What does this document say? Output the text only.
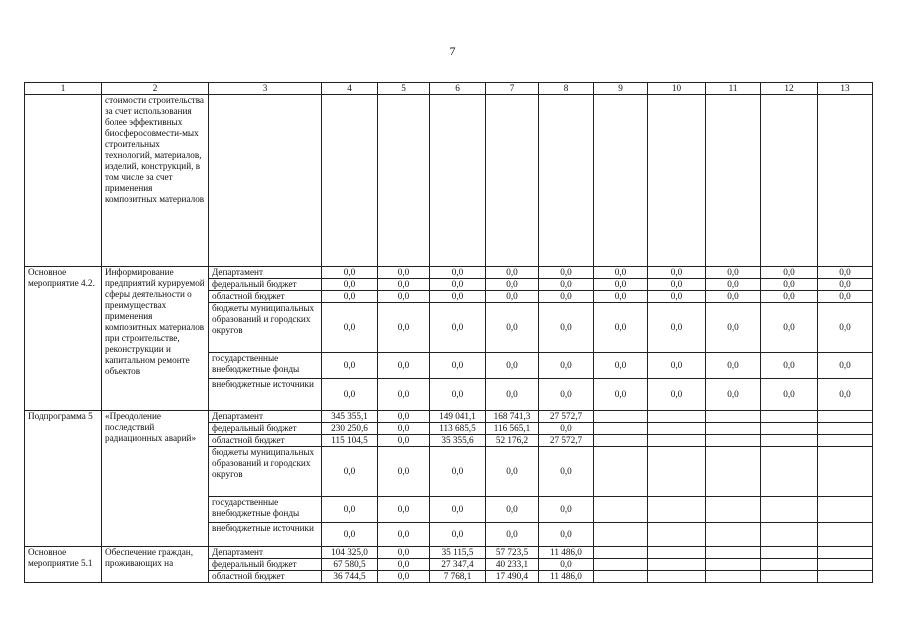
7
1	2	3	4	5	6	7	8	9	10	11	12	13
	стоимости строительства за счет использования более эффективных биосферосовмести-мых строительных технологий, материалов, изделий, конструкций, в том числе за счет применения композитных материалов											
Основное мероприятие 4.2.	Информирование предприятий курируемой сферы деятельности о преимуществах применения композитных материалов при строительстве, реконструкции и капитальном ремонте объектов	Департамент	0,0	0,0	0,0	0,0	0,0	0,0	0,0	0,0	0,0	0,0
		федеральный бюджет	0,0	0,0	0,0	0,0	0,0	0,0	0,0	0,0	0,0	0,0
		областной бюджет	0,0	0,0	0,0	0,0	0,0	0,0	0,0	0,0	0,0	0,0
		бюджеты муниципальных образований и городских округов	0,0	0,0	0,0	0,0	0,0	0,0	0,0	0,0	0,0	0,0
		государственные внебюджетные фонды	0,0	0,0	0,0	0,0	0,0	0,0	0,0	0,0	0,0	0,0
		внебюджетные источники	0,0	0,0	0,0	0,0	0,0	0,0	0,0	0,0	0,0	0,0
Подпрограмма 5	«Преодоление последствий радиационных аварий»	Департамент	345 355,1	0,0	149 041,1	168 741,3	27 572,7					
		федеральный бюджет	230 250,6	0,0	113 685,5	116 565,1	0,0					
		областной бюджет	115 104,5	0,0	35 355,6	52 176,2	27 572,7					
		бюджеты муниципальных образований и городских округов	0,0	0,0	0,0	0,0	0,0					
		государственные внебюджетные фонды	0,0	0,0	0,0	0,0	0,0					
		внебюджетные источники	0,0	0,0	0,0	0,0	0,0					
Основное мероприятие 5.1	Обеспечение граждан, проживающих на	Департамент	104 325,0	0,0	35 115,5	57 723,5	11 486,0					
		федеральный бюджет	67 580,5	0,0	27 347,4	40 233,1	0,0					
		областной бюджет	36 744,5	0,0	7 768,1	17 490,4	11 486,0					
